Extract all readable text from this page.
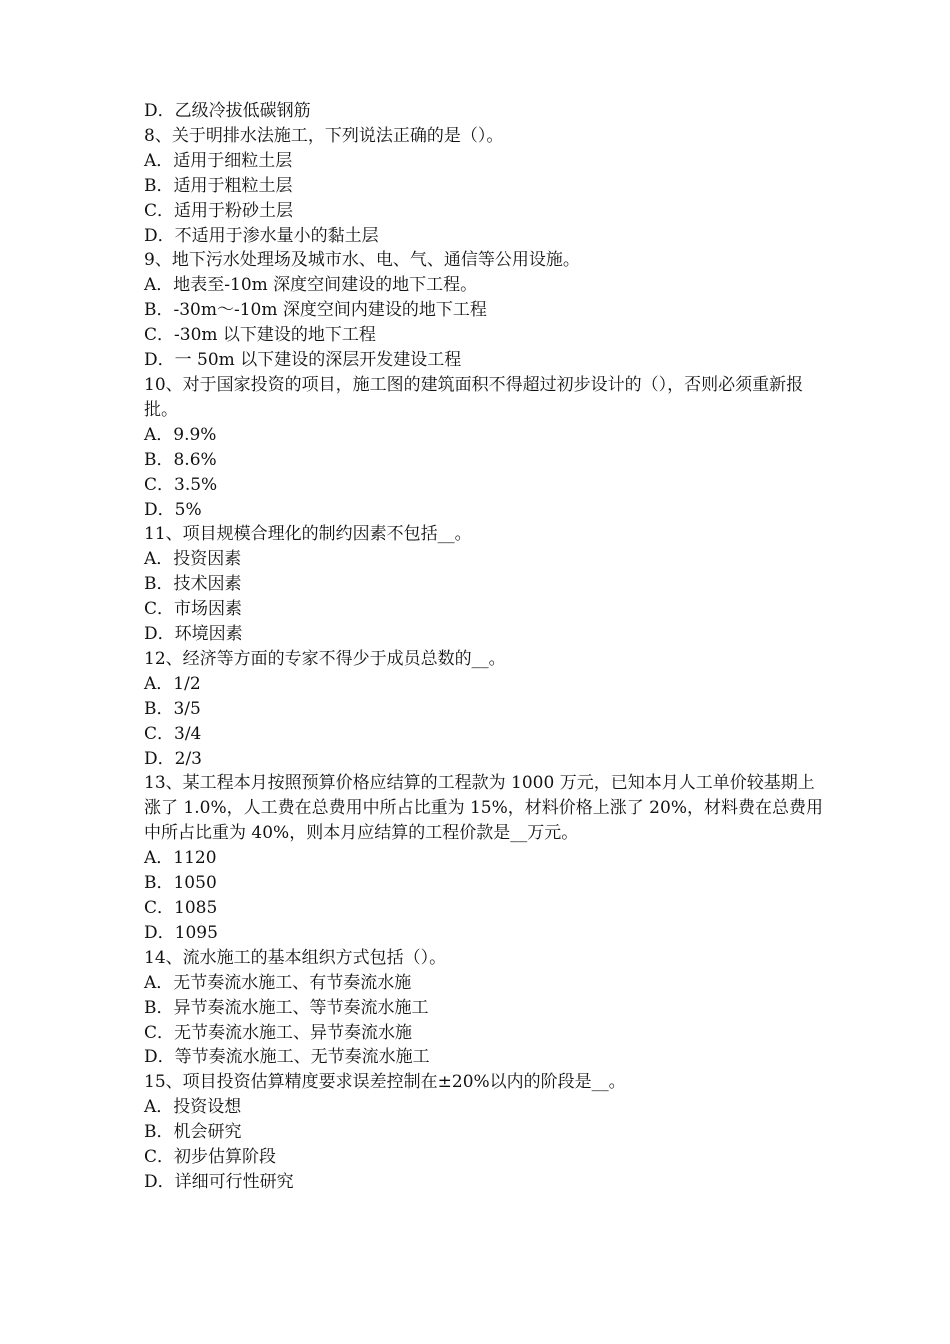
D．乙级冷拔低碳钢筋

8、关于明排水法施工，下列说法正确的是（）。

A．适用于细粒土层

B．适用于粗粒土层

C．适用于粉砂土层

D．不适用于渗水量小的黏土层

9、地下污水处理场及城市水、电、气、通信等公用设施。

A．地表至-10m 深度空间建设的地下工程。

B．-30m～-10m 深度空间内建设的地下工程

C．-30m 以下建设的地下工程

D．一 50m 以下建设的深层开发建设工程

10、对于国家投资的项目，施工图的建筑面积不得超过初步设计的（），否则必须重新报批。

A．9.9%

B．8.6%

C．3.5%

D．5%

11、项目规模合理化的制约因素不包括__。

A．投资因素

B．技术因素

C．市场因素

D．环境因素

12、经济等方面的专家不得少于成员总数的__。

A．1/2

B．3/5

C．3/4

D．2/3

13、某工程本月按照预算价格应结算的工程款为 1000 万元，已知本月人工单价较基期上涨了 1.0%，人工费在总费用中所占比重为 15%，材料价格上涨了 20%，材料费在总费用中所占比重为 40%，则本月应结算的工程价款是__万元。

A．1120

B．1050

C．1085

D．1095

14、流水施工的基本组织方式包括（）。

A．无节奏流水施工、有节奏流水施

B．异节奏流水施工、等节奏流水施工

C．无节奏流水施工、异节奏流水施

D．等节奏流水施工、无节奏流水施工

15、项目投资估算精度要求误差控制在±20%以内的阶段是__。

A．投资设想

B．机会研究

C．初步估算阶段

D．详细可行性研究
